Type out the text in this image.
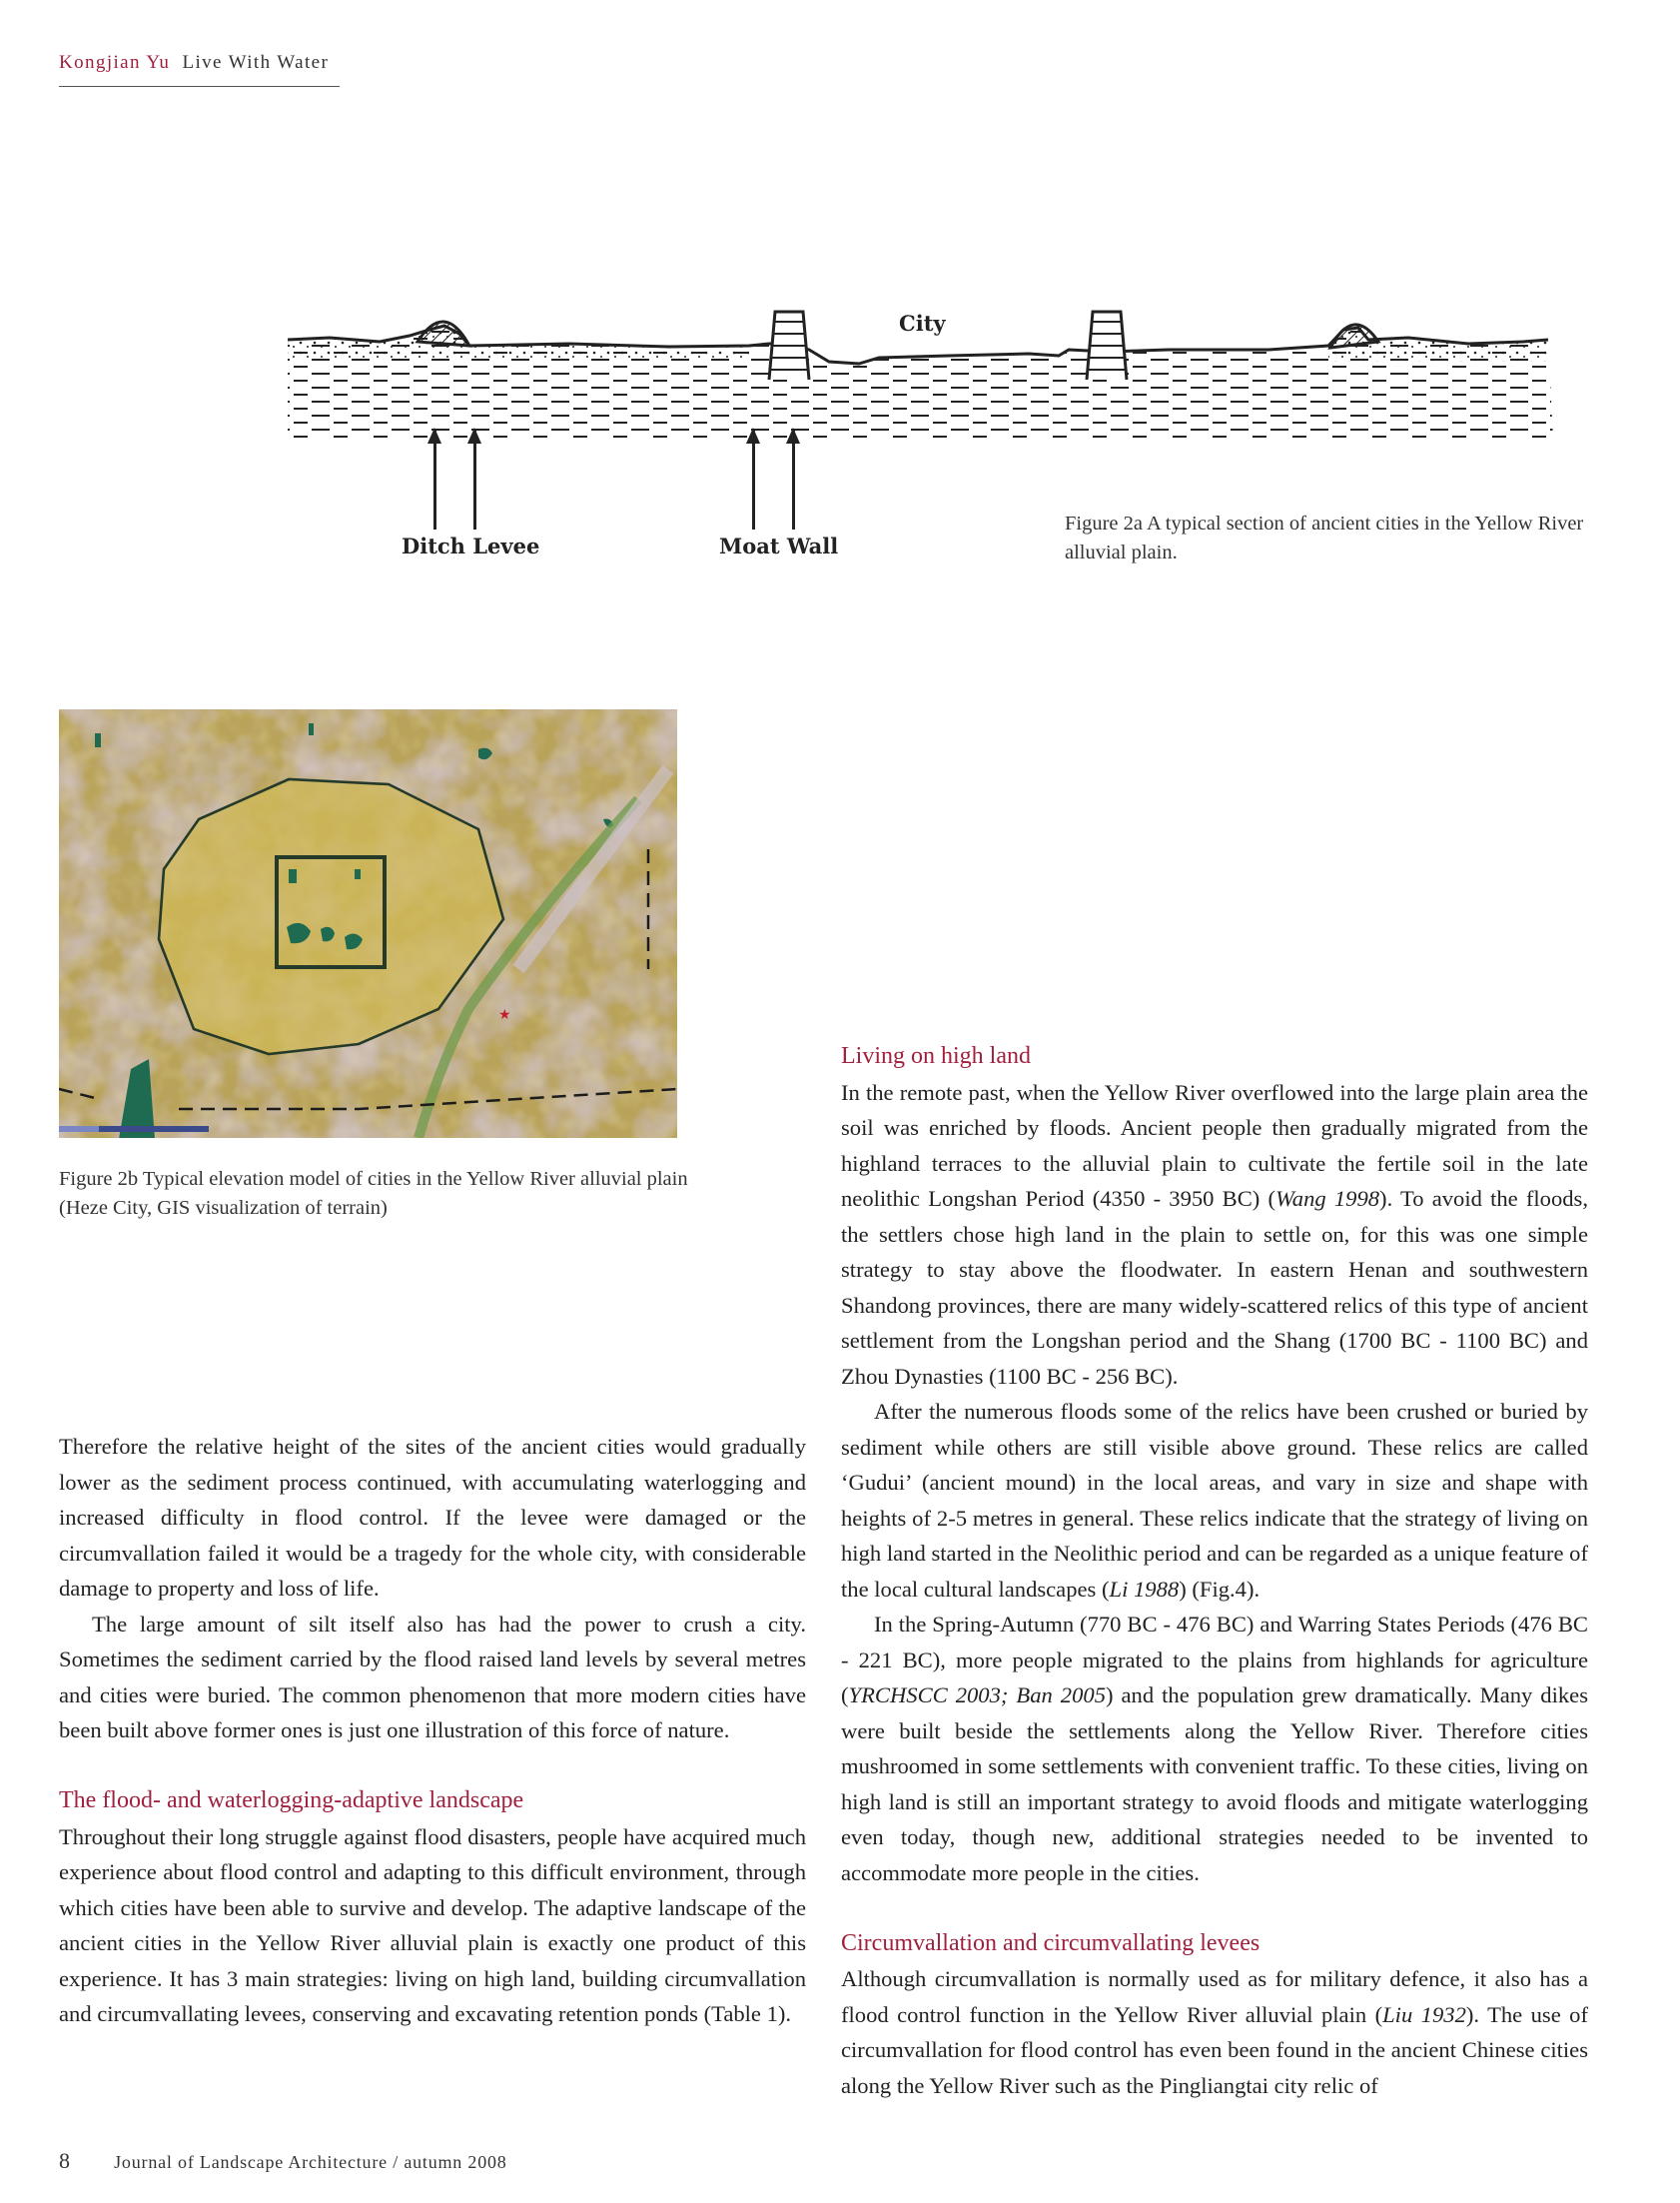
Kongjian Yu Live With Water
City
Ditch Levee	Moat Wall
Figure 2a A typical section of ancient cities in the Yellow River alluvial plain.
★
Figure 2b Typical elevation model of cities in the Yellow River alluvial plain (Heze City, GIS visualization of terrain)

Therefore the relative height of the sites of the ancient cities would gradually lower as the sediment process continued, with accumulating waterlogging and increased difficulty in flood control. If the levee were damaged or the circumvallation failed it would be a tragedy for the whole city, with considerable damage to property and loss of life.

The large amount of silt itself also has had the power to crush a city. Sometimes the sediment carried by the flood raised land levels by several metres and cities were buried. The common phenomenon that more modern cities have been built above former ones is just one illustration of this force of nature.

The flood- and waterlogging-adaptive landscape

Throughout their long struggle against flood disasters, people have acquired much experience about flood control and adapting to this difficult environment, through which cities have been able to survive and develop. The adaptive landscape of the ancient cities in the Yellow River alluvial plain is exactly one product of this experience. It has 3 main strategies: living on high land, building circumvallation and circumvallating levees, conserving and excavating retention ponds (Table 1).

Living on high land

In the remote past, when the Yellow River overflowed into the large plain area the soil was enriched by floods. Ancient people then gradually migrated from the highland terraces to the alluvial plain to cultivate the fertile soil in the late neolithic Longshan Period (4350 - 3950 BC) (Wang 1998). To avoid the floods, the settlers chose high land in the plain to settle on, for this was one simple strategy to stay above the floodwater. In eastern Henan and southwestern Shandong provinces, there are many widely-scattered relics of this type of ancient settlement from the Longshan period and the Shang (1700 BC - 1100 BC) and Zhou Dynasties (1100 BC - 256 BC).

After the numerous floods some of the relics have been crushed or buried by sediment while others are still visible above ground. These relics are called ‘Gudui’ (ancient mound) in the local areas, and vary in size and shape with heights of 2-5 metres in general. These relics indicate that the strategy of living on high land started in the Neolithic period and can be regarded as a unique feature of the local cultural landscapes (Li 1988) (Fig.4).

In the Spring-Autumn (770 BC - 476 BC) and Warring States Periods (476 BC - 221 BC), more people migrated to the plains from highlands for agriculture (YRCHSCC 2003; Ban 2005) and the population grew dramatically. Many dikes were built beside the settlements along the Yellow River. Therefore cities mushroomed in some settlements with convenient traffic. To these cities, living on high land is still an important strategy to avoid floods and mitigate waterlogging even today, though new, additional strategies needed to be invented to accommodate more people in the cities.

Circumvallation and circumvallating levees

Although circumvallation is normally used as for military defence, it also has a flood control function in the Yellow River alluvial plain (Liu 1932). The use of circumvallation for flood control has even been found in the ancient Chinese cities along the Yellow River such as the Pingliangtai city relic of

8 Journal of Landscape Architecture / autumn 2008
